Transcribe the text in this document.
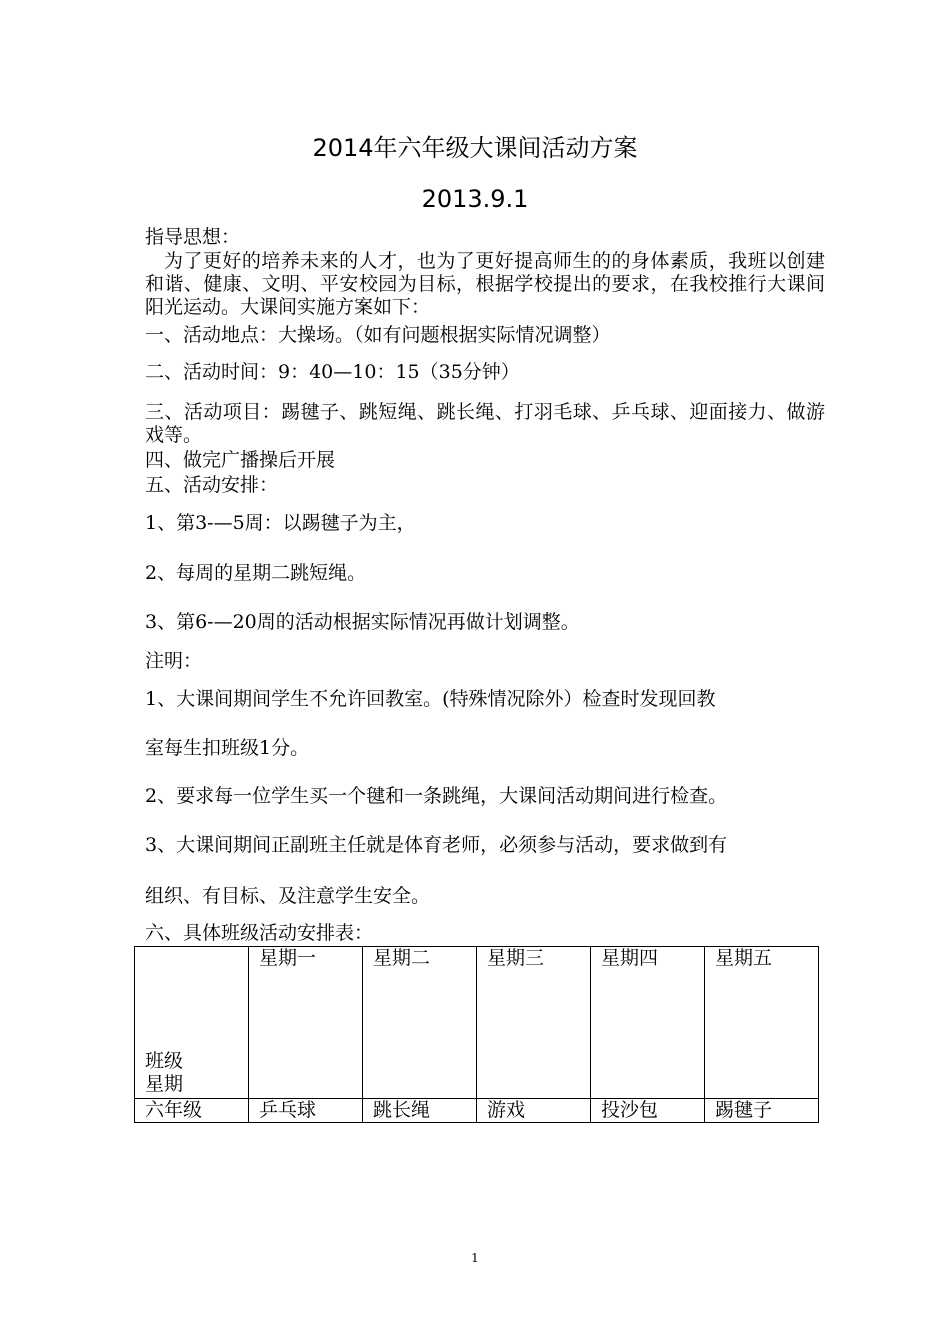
2014年六年级大课间活动方案
2013.9.1
指导思想：
为了更好的培养未来的人才，也为了更好提高师生的的身体素质，我班以创建和谐、健康、文明、平安校园为目标，根据学校提出的要求，在我校推行大课间阳光运动。大课间实施方案如下：
一、活动地点：大操场。（如有问题根据实际情况调整）
二、活动时间：9：40—10：15（35分钟）
三、活动项目：踢毽子、跳短绳、跳长绳、打羽毛球、乒乓球、迎面接力、做游戏等。
四、做完广播操后开展
五、活动安排：
1、第3-—5周：以踢毽子为主，
2、每周的星期二跳短绳。
3、第6-—20周的活动根据实际情况再做计划调整。
注明：
1、大课间期间学生不允许回教室。(特殊情况除外）检查时发现回教
室每生扣班级1分。
2、要求每一位学生买一个毽和一条跳绳，大课间活动期间进行检查。
3、大课间期间正副班主任就是体育老师，必须参与活动，要求做到有
组织、有目标、及注意学生安全。
六、具体班级活动安排表：
班级
星期	星期一	星期二	星期三	星期四	星期五
六年级	乒乓球	跳长绳	游戏	投沙包	踢毽子
1
